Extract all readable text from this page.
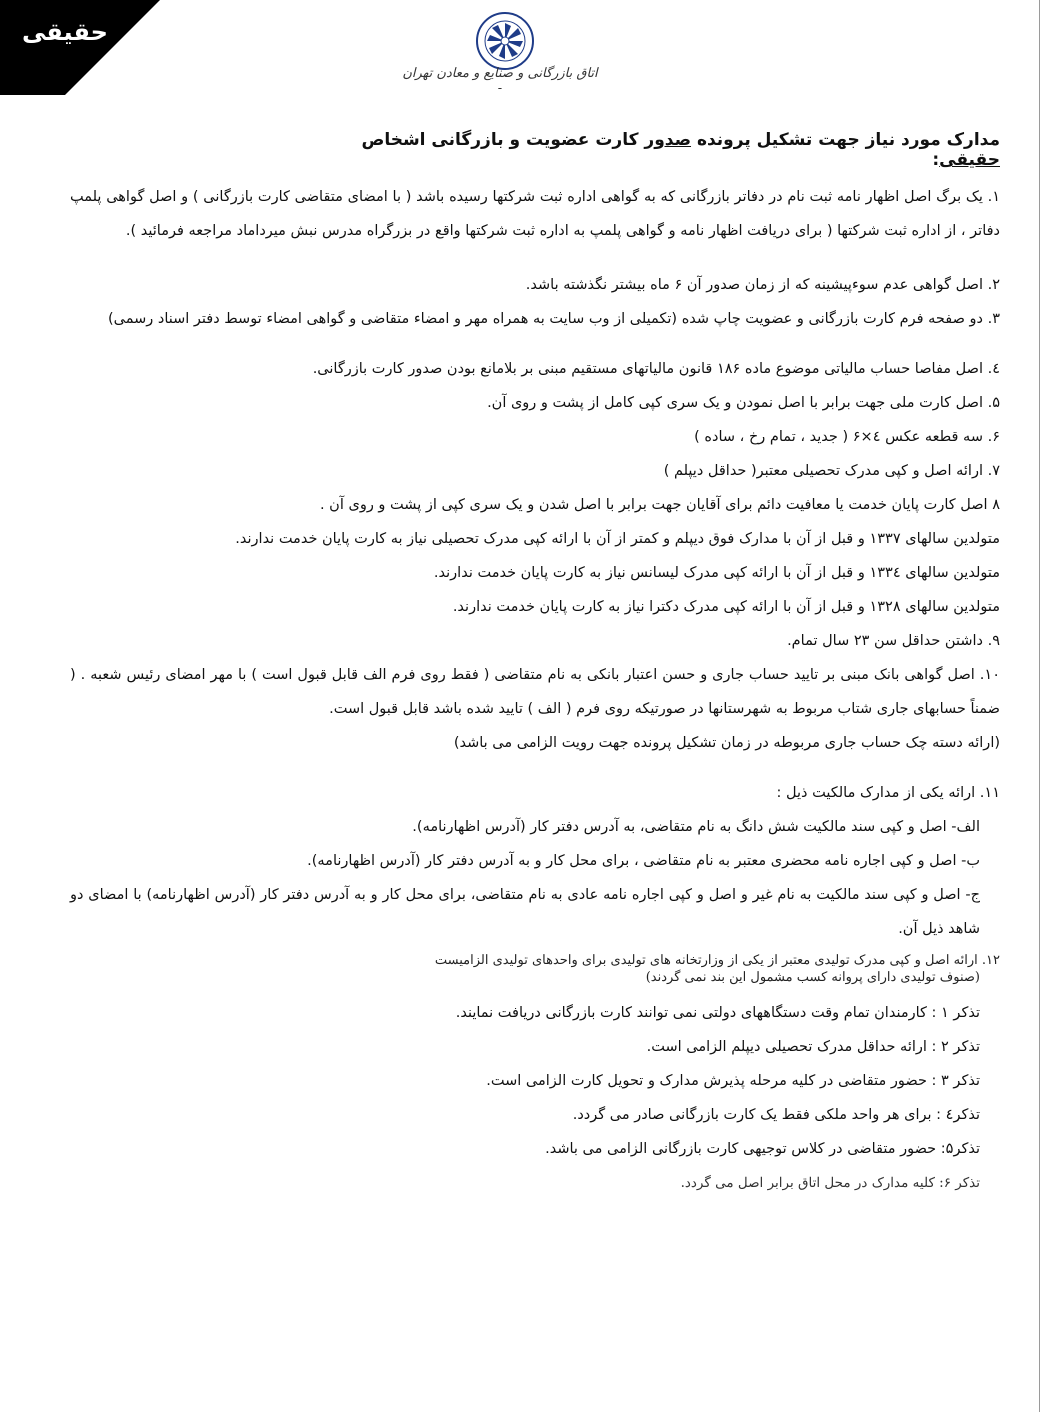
حقیقی
اتاق بازرگانی و صنایع و معادن تهران -
مدارک مورد نیاز جهت تشکیل پرونده صدور کارت عضویت و بازرگانی اشخاص حقیقی:

۱. یک برگ اصل اظهار نامه ثبت نام در دفاتر بازرگانی که به گواهی اداره ثبت شرکتها رسیده باشد ( با امضای متقاضی کارت بازرگانی ) و اصل گواهی پلمپ دفاتر ، از اداره ثبت شرکتها ( برای دریافت اظهار نامه و گواهی پلمپ به اداره ثبت شرکتها واقع در بزرگراه مدرس نبش میرداماد مراجعه فرمائید ).

۲. اصل گواهی عدم سوءپیشینه که از زمان صدور آن ۶ ماه بیشتر نگذشته باشد.

۳. دو صفحه فرم کارت بازرگانی و عضویت چاپ شده (تکمیلی از وب سایت به همراه مهر و امضاء متقاضی و گواهی امضاء توسط دفتر اسناد رسمی)

٤. اصل مفاصا حساب مالیاتی موضوع ماده ۱۸۶ قانون مالیاتهای مستقیم مبنی بر بلامانع بودن صدور کارت بازرگانی.

۵. اصل کارت ملی جهت برابر با اصل نمودن و یک سری کپی کامل از پشت و روی آن.

۶. سه قطعه عکس ٤×۶ ( جدید ، تمام رخ ، ساده )

۷. ارائه اصل و کپی مدرک تحصیلی معتبر( حداقل دیپلم )

۸ اصل کارت پایان خدمت یا معافیت دائم برای آقایان جهت برابر با اصل شدن و یک سری کپی از پشت و روی آن .

متولدین سالهای ۱۳۳۷ و قبل از آن با مدارک فوق دیپلم و کمتر از آن با ارائه کپی مدرک تحصیلی نیاز به کارت پایان خدمت ندارند.

متولدین سالهای ۱۳۳٤ و قبل از آن با ارائه کپی مدرک لیسانس نیاز به کارت پایان خدمت ندارند.

متولدین سالهای ۱۳۲۸ و قبل از آن با ارائه کپی مدرک دکترا نیاز به کارت پایان خدمت ندارند.

۹. داشتن حداقل سن ۲۳ سال تمام.

۱۰. اصل گواهی بانک مبنی بر تایید حساب جاری و حسن اعتبار بانکی به نام متقاضی ( فقط روی فرم الف قابل قبول است ) با مهر امضای رئیس شعبه . ( ضمناً حسابهای جاری شتاب مربوط به شهرستانها در صورتیکه روی فرم ( الف ) تایید شده باشد قابل قبول است.

(ارائه دسته چک حساب جاری مربوطه در زمان تشکیل پرونده جهت رویت الزامی می باشد)

۱۱. ارائه یکی از مدارک مالکیت ذیل :

الف- اصل و کپی سند مالکیت شش دانگ به نام متقاضی، به آدرس دفتر کار (آدرس اظهارنامه).

ب- اصل و کپی اجاره نامه محضری معتبر به نام متقاضی ، برای محل کار و به آدرس دفتر کار (آدرس اظهارنامه).

ج- اصل و کپی سند مالکیت به نام غیر و اصل و کپی اجاره نامه عادی به نام متقاضی، برای محل کار و به آدرس دفتر کار (آدرس اظهارنامه) با امضای دو شاهد ذیل آن.

۱۲. ارائه اصل و کپی مدرک تولیدی معتبر از یکی از وزارتخانه های تولیدی برای واحدهای تولیدی الزامیست

(صنوف تولیدی دارای پروانه کسب مشمول این بند نمی گردند)

تذکر ۱ : کارمندان تمام وقت دستگاههای دولتی نمی توانند کارت بازرگانی دریافت نمایند.

تذکر ۲ : ارائه حداقل مدرک تحصیلی دیپلم الزامی است.

تذکر ۳ : حضور متقاضی در کلیه مرحله پذیرش مدارک و تحویل کارت الزامی است.

تذکر٤ : برای هر واحد ملکی فقط یک کارت بازرگانی صادر می گردد.

تذکر۵: حضور متقاضی در کلاس توجیهی کارت بازرگانی الزامی می باشد.

تذکر ۶: کلیه مدارک در محل اتاق برابر اصل می گردد.
